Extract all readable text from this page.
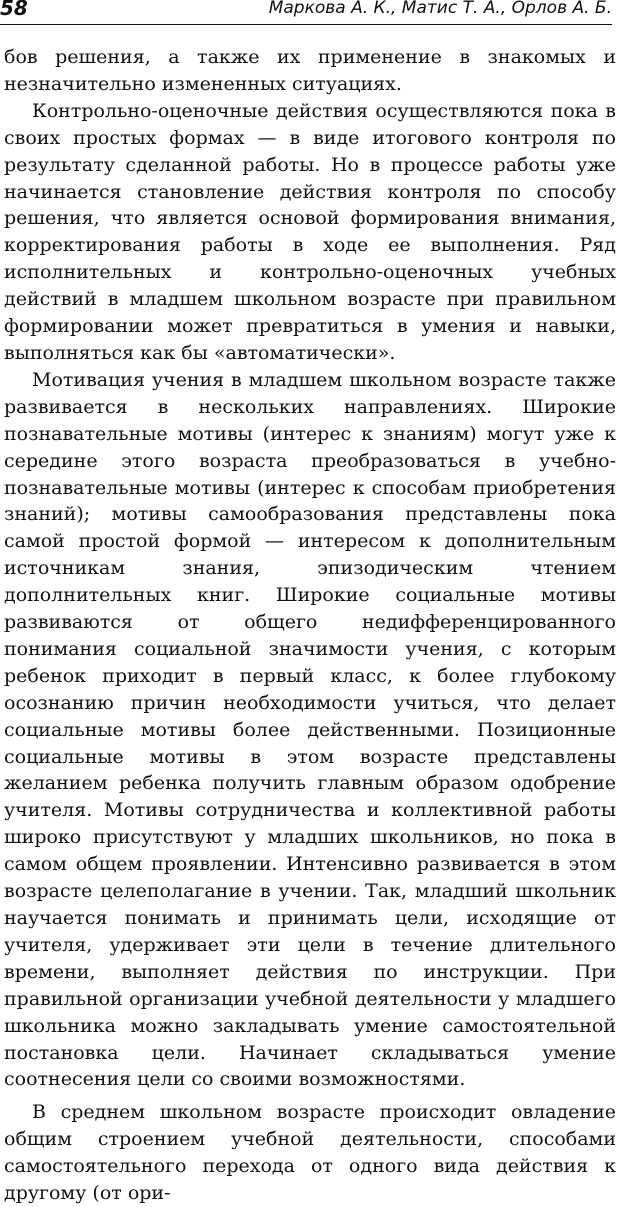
58	Маркова А. К., Матис Т. А., Орлов А. Б.

бов решения, а также их применение в знакомых и незначительно измененных ситуациях.

Контрольно-оценочные действия осуществляются пока в своих простых формах — в виде итогового контроля по результату сделанной работы. Но в процессе работы уже начинается становление действия контроля по способу решения, что является основой формирования внимания, корректирования работы в ходе ее выполнения. Ряд исполнительных и контрольно-оценочных учебных действий в младшем школьном возрасте при правильном формировании может превратиться в умения и навыки, выполняться как бы «автоматически».

Мотивация учения в младшем школьном возрасте также развивается в нескольких направлениях. Широкие познавательные мотивы (интерес к знаниям) могут уже к середине этого возраста преобразоваться в учебно-познавательные мотивы (интерес к способам приобретения знаний); мотивы самообразования представлены пока самой простой формой — интересом к дополнительным источникам знания, эпизодическим чтением дополнительных книг. Широкие социальные мотивы развиваются от общего недифференцированного понимания социальной значимости учения, с которым ребенок приходит в первый класс, к более глубокому осознанию причин необходимости учиться, что делает социальные мотивы более действенными. Позиционные социальные мотивы в этом возрасте представлены желанием ребенка получить главным образом одобрение учителя. Мотивы сотрудничества и коллективной работы широко присутствуют у младших школьников, но пока в самом общем проявлении. Интенсивно развивается в этом возрасте целеполагание в учении. Так, младший школьник научается понимать и принимать цели, исходящие от учителя, удерживает эти цели в течение длительного времени, выполняет действия по инструкции. При правильной организации учебной деятельности у младшего школьника можно закладывать умение самостоятельной постановка цели. Начинает складываться умение соотнесения цели со своими возможностями.

В среднем школьном возрасте происходит овладение общим строением учебной деятельности, способами самостоятельного перехода от одного вида действия к другому (от ори-
